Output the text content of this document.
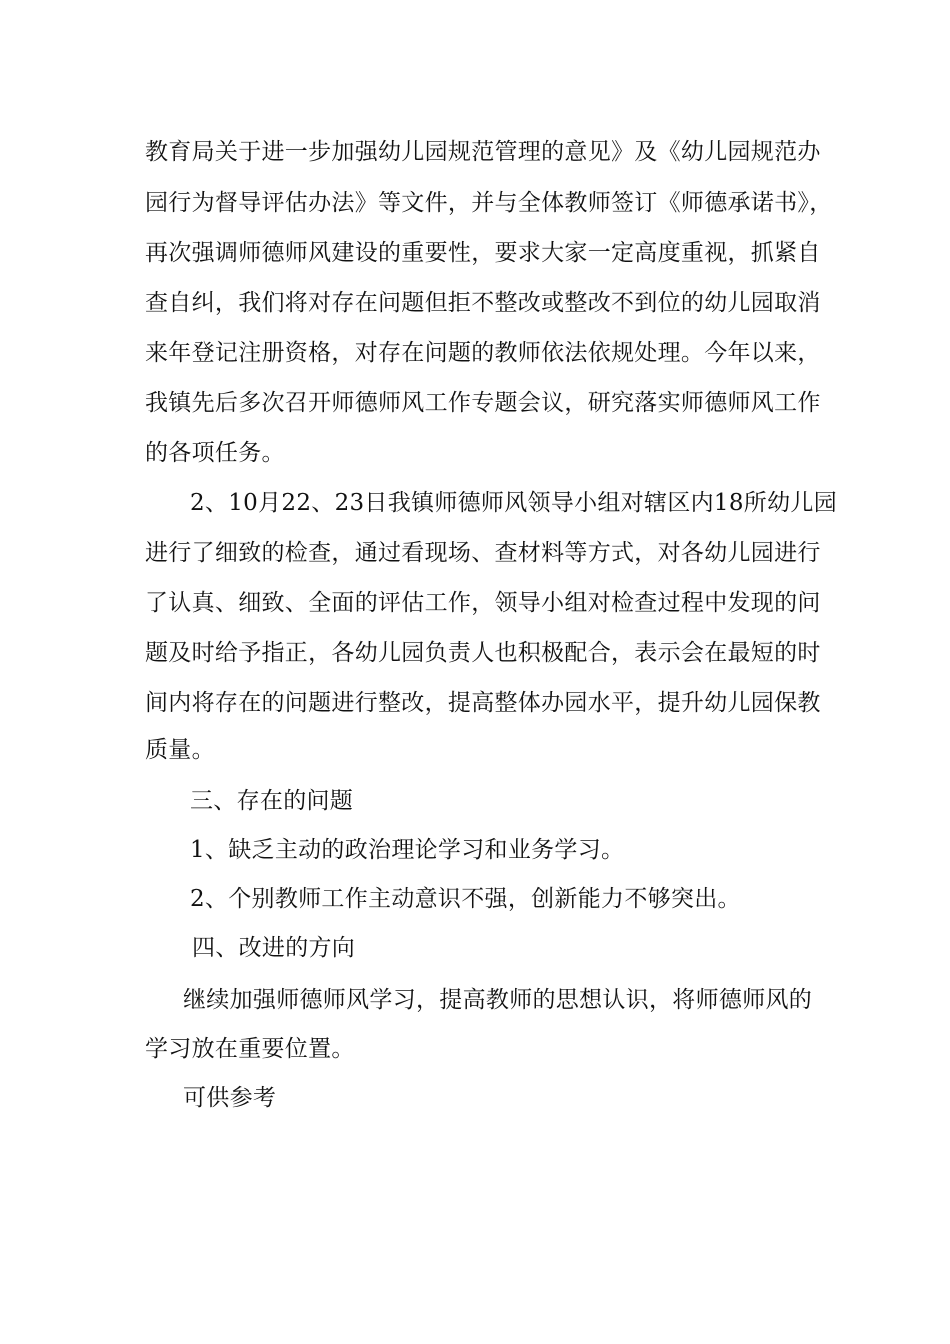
教育局关于进一步加强幼儿园规范管理的意见》及《幼儿园规范办
园行为督导评估办法》等文件，并与全体教师签订《师德承诺书》，
再次强调师德师风建设的重要性，要求大家一定高度重视，抓紧自
查自纠，我们将对存在问题但拒不整改或整改不到位的幼儿园取消
来年登记注册资格，对存在问题的教师依法依规处理。今年以来，
我镇先后多次召开师德师风工作专题会议，研究落实师德师风工作
的各项任务。
2、10月22、23日我镇师德师风领导小组对辖区内18所幼儿园
进行了细致的检查，通过看现场、查材料等方式，对各幼儿园进行
了认真、细致、全面的评估工作，领导小组对检查过程中发现的问
题及时给予指正，各幼儿园负责人也积极配合，表示会在最短的时
间内将存在的问题进行整改，提高整体办园水平，提升幼儿园保教
质量。
三、存在的问题
1、缺乏主动的政治理论学习和业务学习。
2、个别教师工作主动意识不强，创新能力不够突出。
四、改进的方向
继续加强师德师风学习，提高教师的思想认识，将师德师风的
学习放在重要位置。
可供参考
